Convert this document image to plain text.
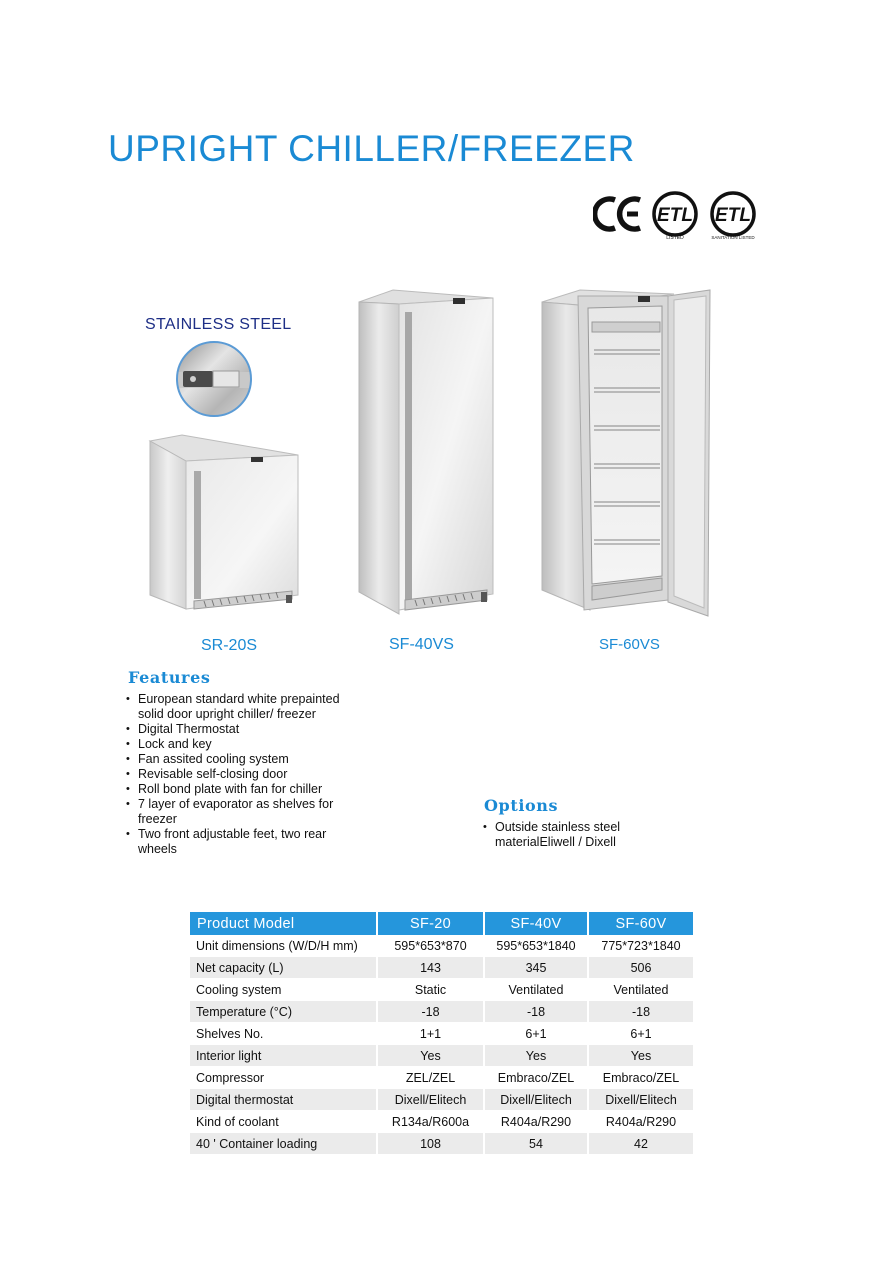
UPRIGHT CHILLER/FREEZER
ETL
LISTED
ETL
SANITATION LISTED
STAINLESS STEEL
SR-20S	SF-40VS	SF-60VS
Features
• European standard white prepainted solid door upright chiller/ freezer
• Digital Thermostat
• Lock and key
• Fan assited cooling system
• Revisable self-closing door
• Roll bond plate with fan for chiller
• 7 layer of evaporator as shelves for freezer
• Two front adjustable feet, two rear wheels
Options
• Outside stainless steel materialEliwell / Dixell
Product Model	SF-20	SF-40V	SF-60V
Unit dimensions (W/D/H mm)	595*653*870	595*653*1840	775*723*1840
Net capacity (L)	143	345	506
Cooling system	Static	Ventilated	Ventilated
Temperature (°C)	-18	-18	-18
Shelves No.	1+1	6+1	6+1
Interior light	Yes	Yes	Yes
Compressor	ZEL/ZEL	Embraco/ZEL	Embraco/ZEL
Digital thermostat	Dixell/Elitech	Dixell/Elitech	Dixell/Elitech
Kind of coolant	R134a/R600a	R404a/R290	R404a/R290
40 ' Container loading	108	54	42
